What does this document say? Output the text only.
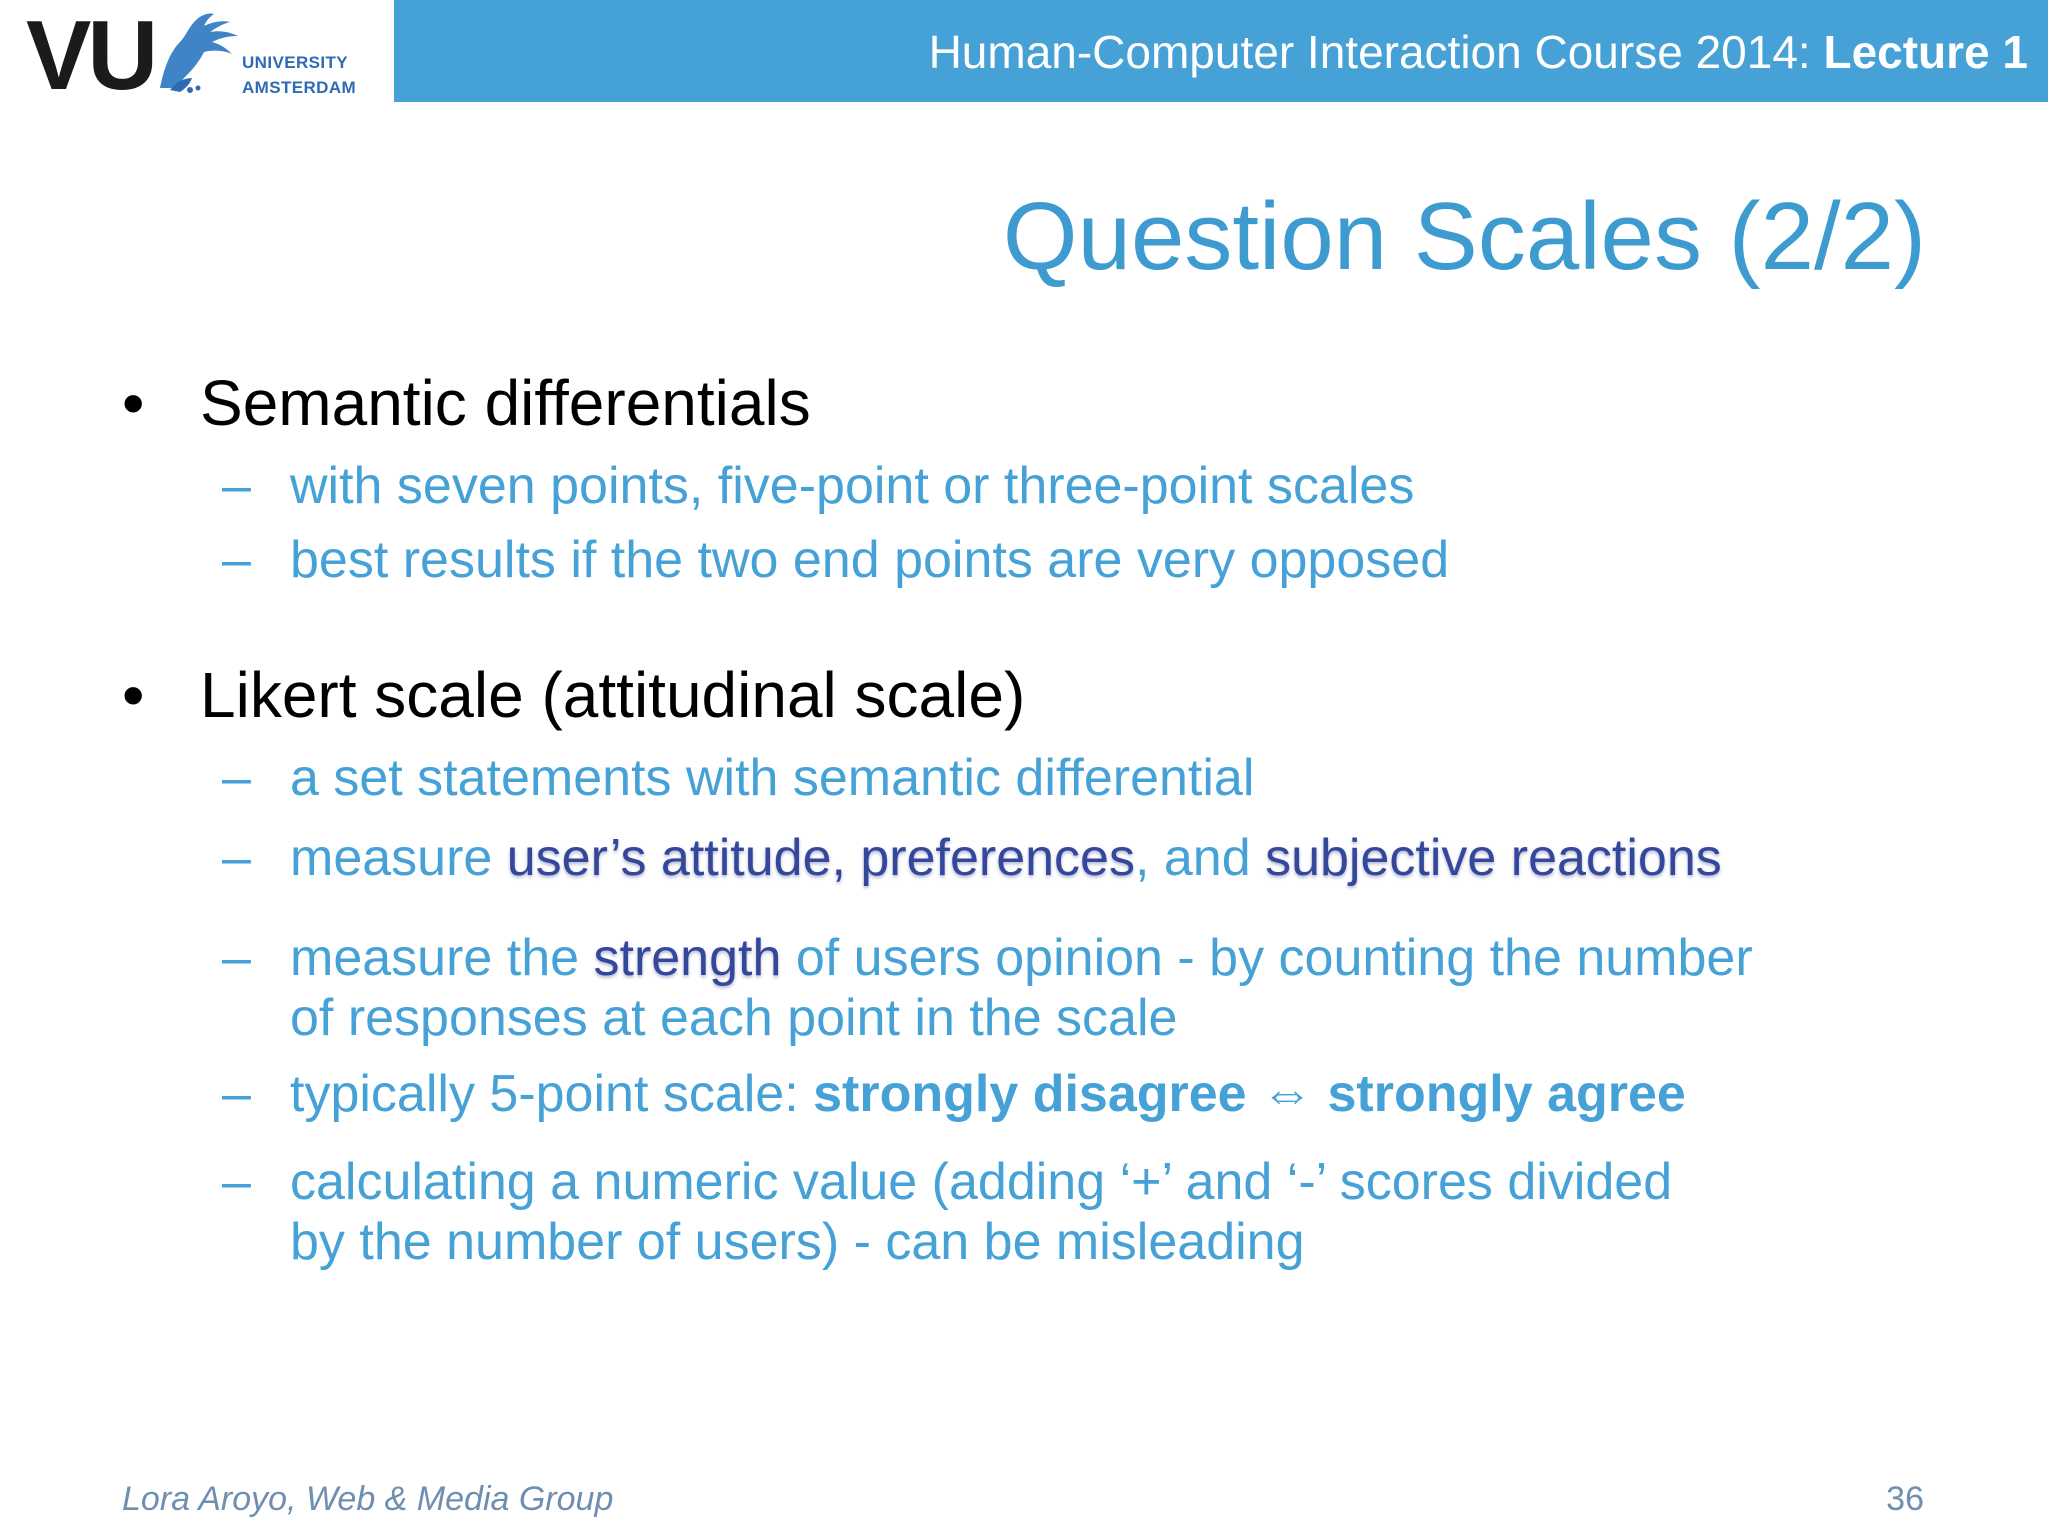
VU	UNIVERSITY
AMSTERDAM
Human-Computer Interaction Course 2014: Lecture 1
Question Scales (2/2)
• Semantic differentials
– with seven points, five-point or three-point scales
– best results if the two end points are very opposed
• Likert scale (attitudinal scale)
– a set statements with semantic differential
– measure user’s attitude, preferences, and subjective reactions
– measure the strength of users opinion - by counting the number
of responses at each point in the scale
– typically 5-point scale: strongly disagree ⇔ strongly agree
– calculating a numeric value (adding ‘+’ and ‘-’ scores divided
by the number of users) - can be misleading
Lora Aroyo, Web & Media Group	36
